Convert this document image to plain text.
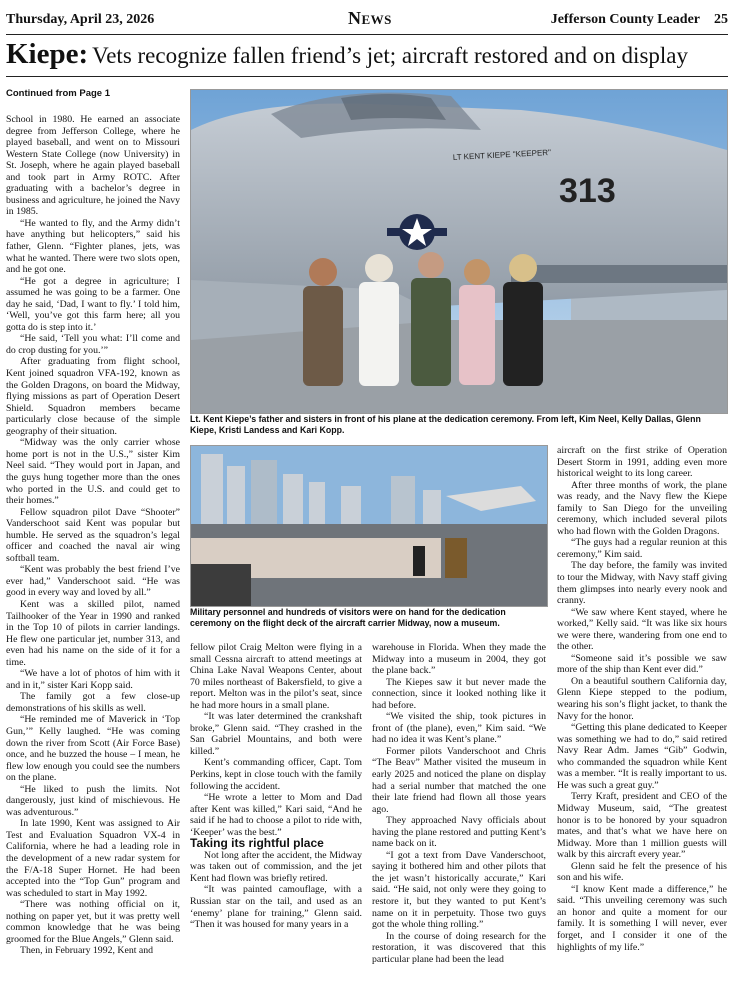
Thursday, April 23, 2026	News	Jefferson County Leader 25
Kiepe: Vets recognize fallen friend’s jet; aircraft restored and on display
Continued from Page 1

School in 1980. He earned an associate degree from Jefferson College, where he played baseball, and went on to Missouri Western State College (now University) in St. Joseph, where he again played baseball and took part in Army ROTC. After graduating with a bachelor’s degree in business and agriculture, he joined the Navy in 1985.

“He wanted to fly, and the Army didn’t have anything but helicopters,” said his father, Glenn. “Fighter planes, jets, was what he wanted. There were two slots open, and he got one.

“He got a degree in agriculture; I assumed he was going to be a farmer. One day he said, ‘Dad, I want to fly.’ I told him, ‘Well, you’ve got this farm here; all you gotta do is step into it.’

“He said, ‘Tell you what: I’ll come and do crop dusting for you.’”

After graduating from flight school, Kent joined squadron VFA-192, known as the Golden Dragons, on board the Midway, flying missions as part of Operation Desert Shield. Squadron members became particularly close because of the simple geography of their situation.

“Midway was the only carrier whose home port is not in the U.S.,” sister Kim Neel said. “They would port in Japan, and the guys hung together more than the ones who ported in the U.S. and could get to their homes.”

Fellow squadron pilot Dave “Shooter” Vanderschoot said Kent was popular but humble. He served as the squadron’s legal officer and coached the naval air wing softball team.

“Kent was probably the best friend I’ve ever had,” Vanderschoot said. “He was good in every way and loved by all.”

Kent was a skilled pilot, named Tailhooker of the Year in 1990 and ranked in the Top 10 of pilots in carrier landings. He flew one particular jet, number 313, and even had his name on the side of it for a time.

“We have a lot of photos of him with it and in it,” sister Kari Kopp said.

The family got a few close-up demonstrations of his skills as well.

“He reminded me of Maverick in ‘Top Gun,’” Kelly laughed. “He was coming down the river from Scott (Air Force Base) once, and he buzzed the house – I mean, he flew low enough you could see the numbers on the plane.

“He liked to push the limits. Not dangerously, just kind of mischievous. He was adventurous.”

In late 1990, Kent was assigned to Air Test and Evaluation Squadron VX-4 in California, where he had a leading role in the development of a new radar system for the F/A-18 Super Hornet. He had been accepted into the “Top Gun” program and was scheduled to start in May 1992.

“There was nothing official on it, nothing on paper yet, but it was pretty well common knowledge that he was being groomed for the Blue Angels,” Glenn said.

Then, in February 1992, Kent and

LT KENT KIEPE "KEEPER"
313
Lt. Kent Kiepe’s father and sisters in front of his plane at the dedication ceremony. From left, Kim Neel, Kelly Dallas, Glenn Kiepe, Kristi Landess and Kari Kopp.
Military personnel and hundreds of visitors were on hand for the dedication ceremony on the flight deck of the aircraft carrier Midway, now a museum.

fellow pilot Craig Melton were flying in a small Cessna aircraft to attend meetings at China Lake Naval Weapons Center, about 70 miles northeast of Bakersfield, to give a report. Melton was in the pilot’s seat, since he had more hours in a small plane.

“It was later determined the crankshaft broke,” Glenn said. “They crashed in the San Gabriel Mountains, and both were killed.”

Kent’s commanding officer, Capt. Tom Perkins, kept in close touch with the family following the accident.

“He wrote a letter to Mom and Dad after Kent was killed,” Kari said, “And he said if he had to choose a pilot to ride with, ‘Keeper’ was the best.”

Taking its rightful place

Not long after the accident, the Midway was taken out of commission, and the jet Kent had flown was briefly retired.

“It was painted camouflage, with a Russian star on the tail, and used as an ‘enemy’ plane for training,” Glenn said. “Then it was housed for many years in a

warehouse in Florida. When they made the Midway into a museum in 2004, they got the plane back.”

The Kiepes saw it but never made the connection, since it looked nothing like it had before.

“We visited the ship, took pictures in front of (the plane), even,” Kim said. “We had no idea it was Kent’s plane.”

Former pilots Vanderschoot and Chris “The Beav” Mather visited the museum in early 2025 and noticed the plane on display had a serial number that matched the one their late friend had flown all those years ago.

They approached Navy officials about having the plane restored and putting Kent’s name back on it.

“I got a text from Dave Vanderschoot, saying it bothered him and other pilots that the jet wasn’t historically accurate,” Kari said. “He said, not only were they going to restore it, but they wanted to put Kent’s name on it in perpetuity. Those two guys got the whole thing rolling.”

In the course of doing research for the restoration, it was discovered that this particular plane had been the lead

aircraft on the first strike of Operation Desert Storm in 1991, adding even more historical weight to its long career.

After three months of work, the plane was ready, and the Navy flew the Kiepe family to San Diego for the unveiling ceremony, which included several pilots who had flown with the Golden Dragons.

“The guys had a regular reunion at this ceremony,” Kim said.

The day before, the family was invited to tour the Midway, with Navy staff giving them glimpses into nearly every nook and cranny.

“We saw where Kent stayed, where he worked,” Kelly said. “It was like six hours we were there, wandering from one end to the other.

“Someone said it’s possible we saw more of the ship than Kent ever did.”

On a beautiful southern California day, Glenn Kiepe stepped to the podium, wearing his son’s flight jacket, to thank the Navy for the honor.

“Getting this plane dedicated to Keeper was something we had to do,” said retired Navy Rear Adm. James “Gib” Godwin, who commanded the squadron while Kent was a member. “It is really important to us. He was such a great guy.”

Terry Kraft, president and CEO of the Midway Museum, said, “The greatest honor is to be honored by your squadron mates, and that’s what we have here on Midway. More than 1 million guests will walk by this aircraft every year.”

Glenn said he felt the presence of his son and his wife.

“I know Kent made a difference,” he said. “This unveiling ceremony was such an honor and quite a moment for our family. It is something I will never, ever forget, and I consider it one of the highlights of my life.”
